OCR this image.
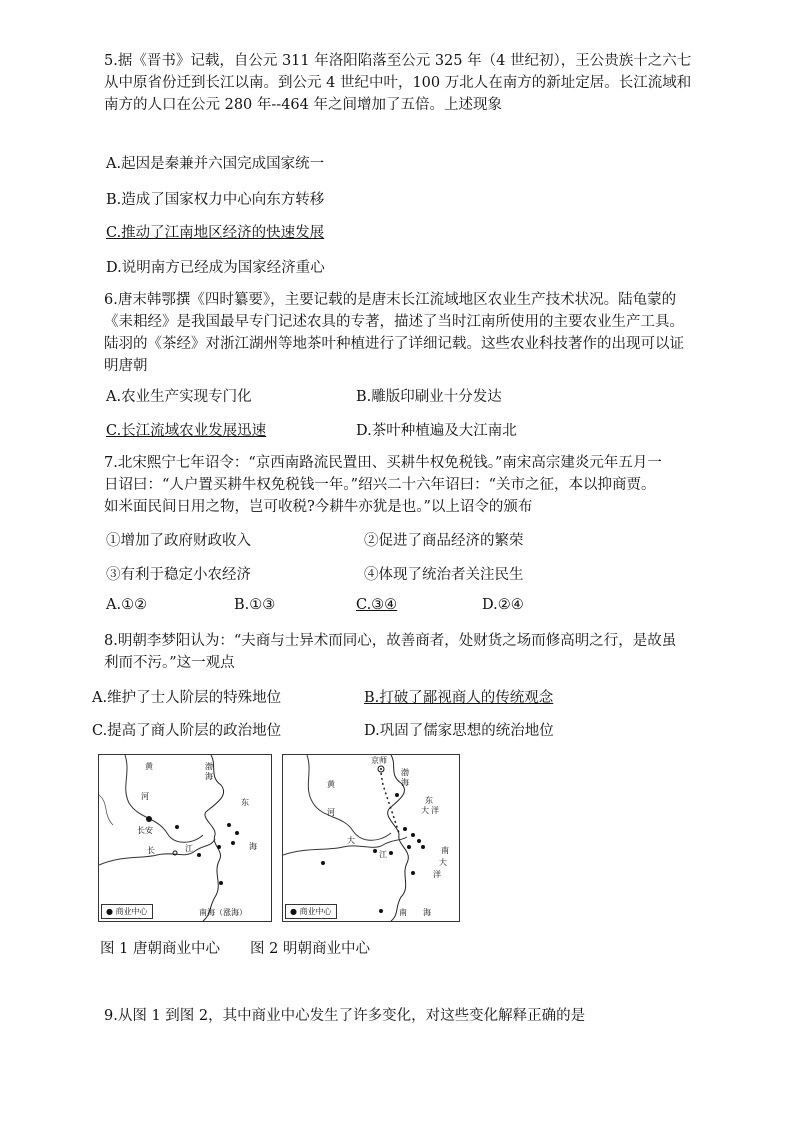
5.据《晋书》记载，自公元 311 年洛阳陷落至公元 325 年（4 世纪初），王公贵族十之六七
从中原省份迁到长江以南。到公元 4 世纪中叶，100 万北人在南方的新址定居。长江流域和
南方的人口在公元 280 年--464 年之间增加了五倍。上述现象
A.起因是秦兼并六国完成国家统一
B.造成了国家权力中心向东方转移
C.推动了江南地区经济的快速发展
D.说明南方已经成为国家经济重心
6.唐末韩鄂撰《四时纂要》，主要记载的是唐末长江流域地区农业生产技术状况。陆龟蒙的
《耒耜经》是我国最早专门记述农具的专著，描述了当时江南所使用的主要农业生产工具。
陆羽的《茶经》对浙江湖州等地茶叶种植进行了详细记载。这些农业科技著作的出现可以证
明唐朝
A.农业生产实现专门化	B.雕版印刷业十分发达
C.长江流域农业发展迅速	D.茶叶种植遍及大江南北
7.北宋熙宁七年诏令：“京西南路流民置田、买耕牛权免税钱。”南宋高宗建炎元年五月一
日诏曰：“人户置买耕牛权免税钱一年。”绍兴二十六年诏曰：“关市之征，本以抑商贾。
如米面民间日用之物，岂可收税?今耕牛亦犹是也。”以上诏令的颁布
①增加了政府财政收入	②促进了商品经济的繁荣
③有利于稳定小农经济	④体现了统治者关注民生
A.①②	B.①③	C.③④	D.②④
8.明朝李梦阳认为：“夫商与士异术而同心，故善商者，处财货之场而修高明之行，是故虽
利而不污。”这一观点
A.维护了士人阶层的特殊地位	B.打破了鄙视商人的传统观念
C.提高了商人阶层的政治地位	D.巩固了儒家思想的统治地位
黄	渤
海
河
东
长安
长	江	海
南海（涨海）
● 商业中心
京师
黄
渤
海
河
东
大 洋
大
江	南
大
洋
南 海
● 商业中心
图 1 唐朝商业中心 图 2 明朝商业中心
9.从图 1 到图 2，其中商业中心发生了许多变化，对这些变化解释正确的是
